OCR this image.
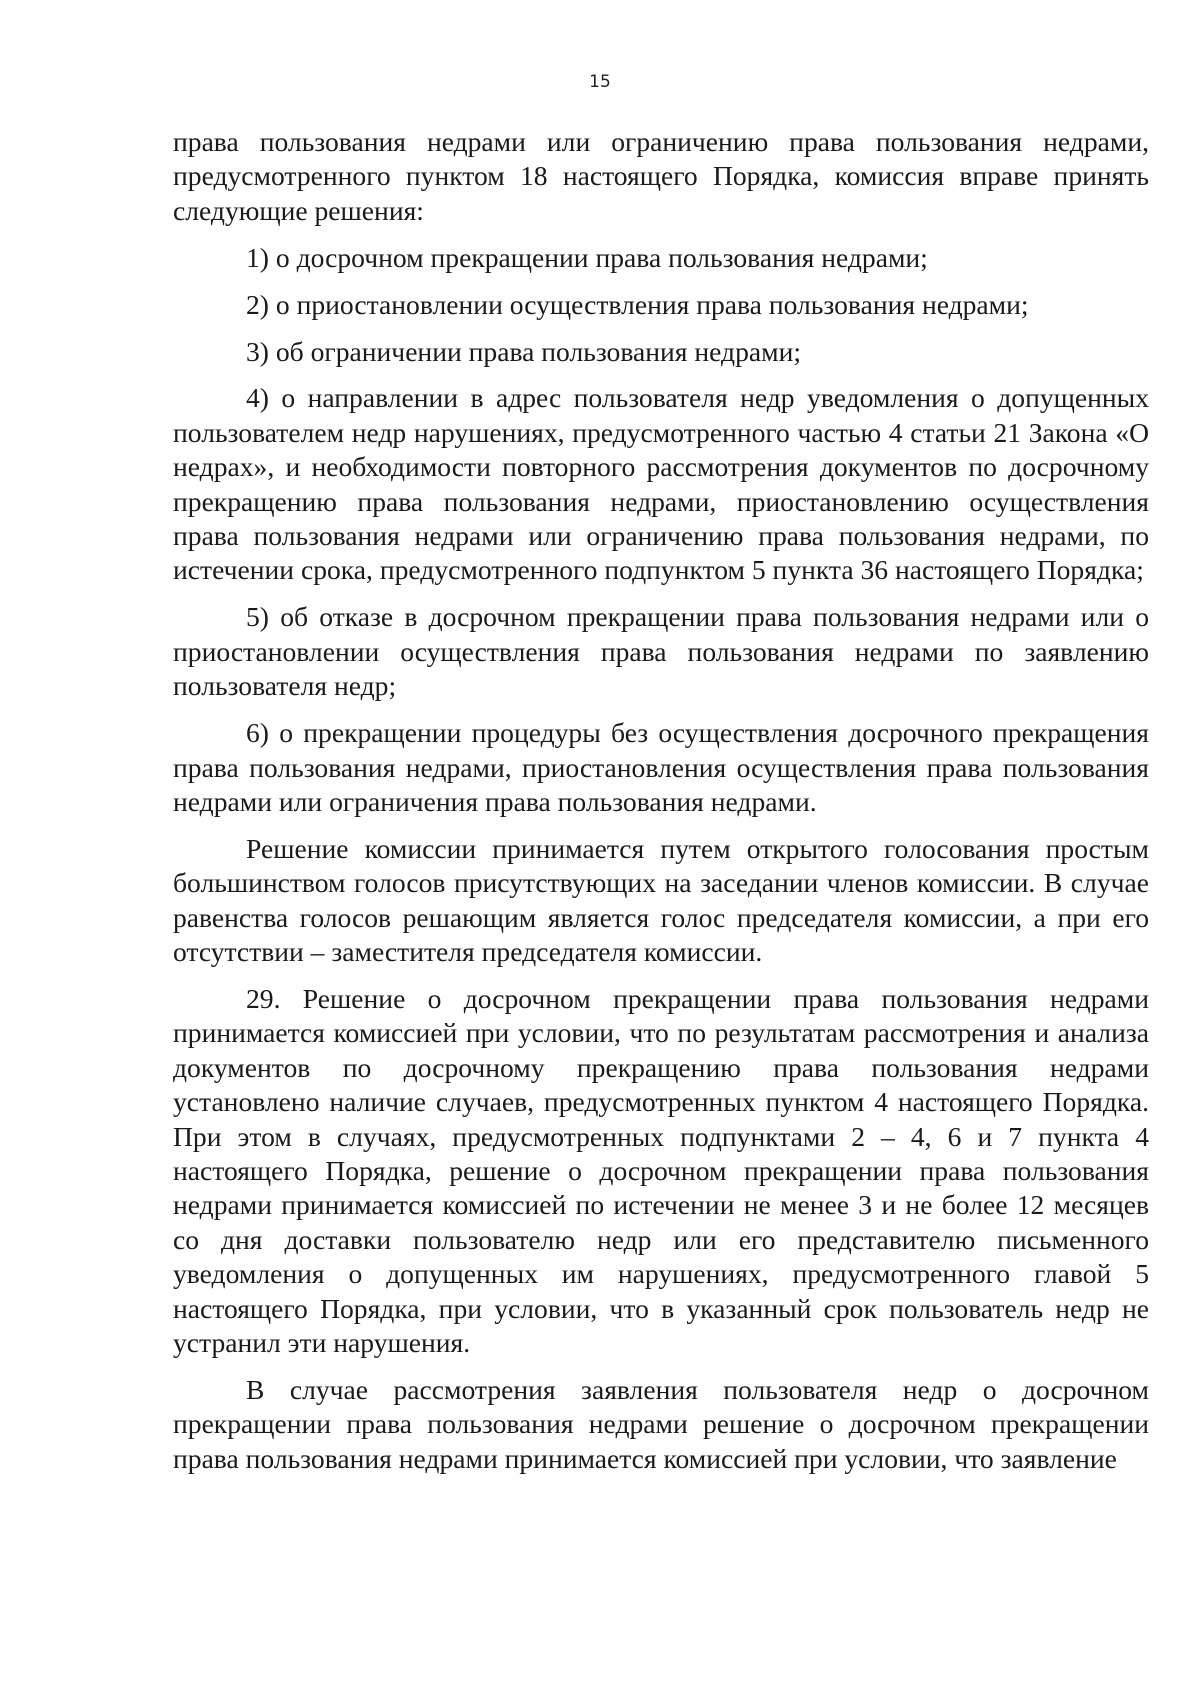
15

права пользования недрами или ограничению права пользования недрами, предусмотренного пунктом 18 настоящего Порядка, комиссия вправе принять следующие решения:

1) о досрочном прекращении права пользования недрами;

2) о приостановлении осуществления права пользования недрами;

3) об ограничении права пользования недрами;

4) о направлении в адрес пользователя недр уведомления о допущенных пользователем недр нарушениях, предусмотренного частью 4 статьи 21 Закона «О недрах», и необходимости повторного рассмотрения документов по досрочному прекращению права пользования недрами, приостановлению осуществления права пользования недрами или ограничению права пользования недрами, по истечении срока, предусмотренного подпунктом 5 пункта 36 настоящего Порядка;

5) об отказе в досрочном прекращении права пользования недрами или о приостановлении осуществления права пользования недрами по заявлению пользователя недр;

6) о прекращении процедуры без осуществления досрочного прекращения права пользования недрами, приостановления осуществления права пользования недрами или ограничения права пользования недрами.

Решение комиссии принимается путем открытого голосования простым большинством голосов присутствующих на заседании членов комиссии. В случае равенства голосов решающим является голос председателя комиссии, а при его отсутствии – заместителя председателя комиссии.

29. Решение о досрочном прекращении права пользования недрами принимается комиссией при условии, что по результатам рассмотрения и анализа документов по досрочному прекращению права пользования недрами установлено наличие случаев, предусмотренных пунктом 4 настоящего Порядка. При этом в случаях, предусмотренных подпунктами 2 – 4, 6 и 7 пункта 4 настоящего Порядка, решение о досрочном прекращении права пользования недрами принимается комиссией по истечении не менее 3 и не более 12 месяцев со дня доставки пользователю недр или его представителю письменного уведомления о допущенных им нарушениях, предусмотренного главой 5 настоящего Порядка, при условии, что в указанный срок пользователь недр не устранил эти нарушения.

В случае рассмотрения заявления пользователя недр о досрочном прекращении права пользования недрами решение о досрочном прекращении права пользования недрами принимается комиссией при условии, что заявление
